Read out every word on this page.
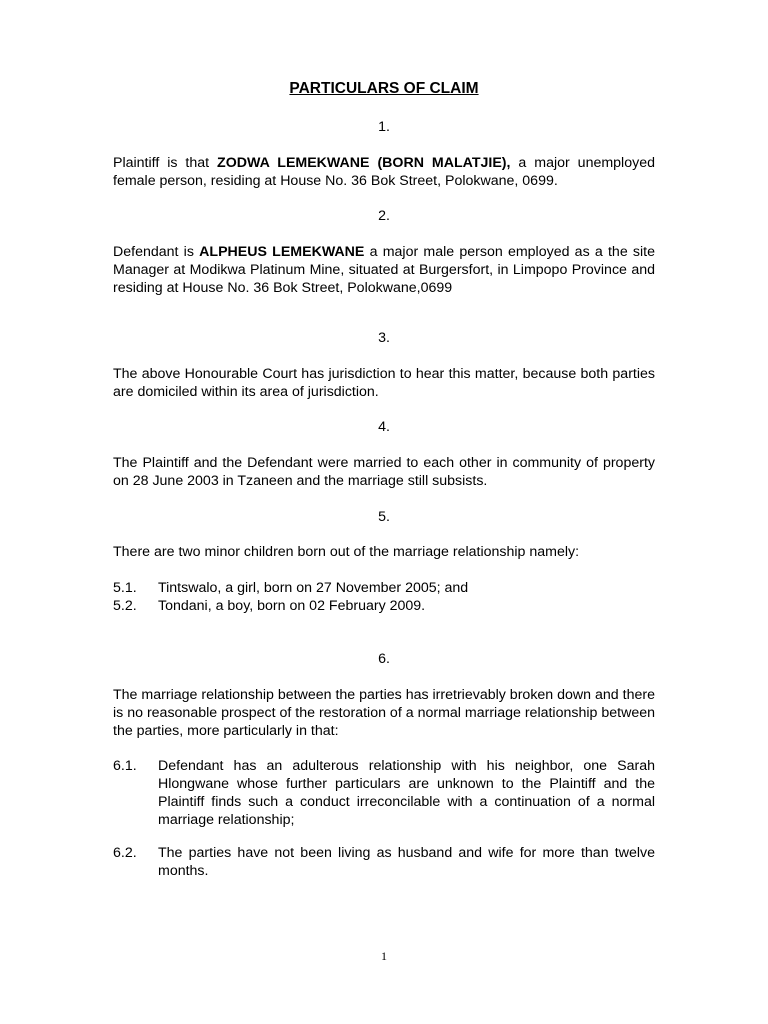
PARTICULARS OF CLAIM
1.
Plaintiff is that ZODWA LEMEKWANE (BORN MALATJIE), a major unemployed female person, residing at House No. 36 Bok Street, Polokwane, 0699.
2.
Defendant is ALPHEUS LEMEKWANE a major male person employed as a the site Manager at Modikwa Platinum Mine, situated at Burgersfort, in Limpopo Province and residing at House No. 36 Bok Street, Polokwane,0699
3.
The above Honourable Court has jurisdiction to hear this matter, because both parties are domiciled within its area of jurisdiction.
4.
The Plaintiff and the Defendant were married to each other in community of property on 28 June 2003 in Tzaneen and the marriage still subsists.
5.
There are two minor children born out of the marriage relationship namely:
5.1. Tintswalo, a girl, born on 27 November 2005; and
5.2. Tondani, a boy, born on 02 February 2009.
6.
The marriage relationship between the parties has irretrievably broken down and there is no reasonable prospect of the restoration of a normal marriage relationship between the parties, more particularly in that:
6.1. Defendant has an adulterous relationship with his neighbor, one Sarah Hlongwane whose further particulars are unknown to the Plaintiff and the Plaintiff finds such a conduct irreconcilable with a continuation of a normal marriage relationship;
6.2. The parties have not been living as husband and wife for more than twelve months.
1
